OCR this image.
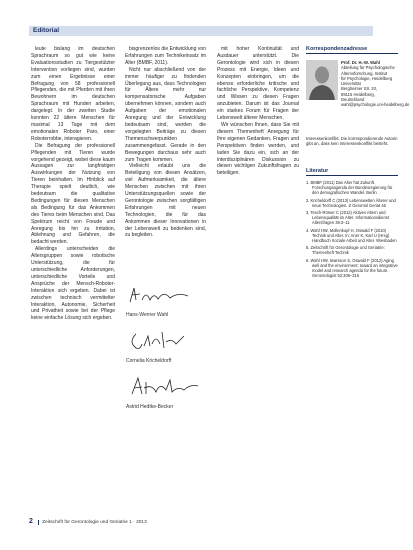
Editorial

leute bislang im deutschen Sprachraum so gut wie keine Evaluationsstudien zu Tiergestützter Intervention vorliegen sind, wurden zum einen Ergebnisse einer Befragung von 58 professionell Pflegenden, die mit Pferden mit ihren Bewohnern im deutschen Sprachraum mit Hunden arbeiten, dargelegt. In der zweiten Studie konnten 22 ältere Menschen für maximal 13 Tage mit dem emotionalen Roboter Paro, einer Roboterrobbe, interagieren.

Die Befragung der professionell Pflegenden mit Tieren wurde vorgehend gezeigt, wobei diese kaum Aussagen zur langfristigen Auswirkungen der Nutzung von Tieren beinhalten. Im Hinblick auf Therapie spielt deutlich, wie bedeutsam die qualitative Bedingungen für diesen Menschen als Bedingung für das Ankommen des Tieres beim Menschen sind. Das Spektrum reicht von Freude und Anregung bis hin zu Irritation, Ablehnung und Gefahren, die bedacht werden.

Allerdings unterscheiden die Altersgruppen sowie robotische Unterstützung, die für unterschiedliche Anforderungen, unterschiedliche Vorteile und Ansprüche der Mensch-Roboter-Interaktion sich ergeben. Dabei ist zwischen technisch vermittelter Interaktion, Autonomie, Sicherheit und Privatheit sowie bei der Pflege keine einfache Lösung sich ergeben.

bisgrenzenlos die Entwicklung von Erfahrungen zum Technikeinsatz im Alter (BMBF, 2011).

Nicht nur abschließend von der immer häufiger zu findenden Überlegung aus, dass Technologien für Ältere mehr nur kompensatorische Aufgaben übernehmen können, sondern auch Aufgaben der emotionalen Anregung und der Entwicklung bedeutsam sind, werden die vorgelegten Beiträge zu diesen Themenschwerpunkten zusammengefasst. Gerade in den Bewegungen durchaus sehr auch zum Tragen kommen.

Vielleicht erlaubt uns die Beteiligung von diesen Ansätzen, viel Aufmerksamkeit, die ältere Menschen zwischen mit ihren Unterstützungsquellen sowie der Gerontologie zwischen sorgfältigen Erfahrungen mit neuen Technologien, die für das Ankommen dieser Innovationen in der Lebenswelt zu bedenken sind, zu begleiten.

mit hoher Kontinuität und Ausdauer unterstützt. Die Gerontologie wird sich in diesen Prozess mit Energie, Ideen und Konzepten einbringen, um die ebenso erforderliche kritische und fachliche Perspektive, Kompetenz und Wissen zu diesen Fragen anzubieten. Darum ist das Journal ein starkes Forum für Fragen der Lebenswelt älterer Menschen.

Wir wünschen Ihnen, dass Sie mit diesem Themenheft Anregung für Ihre eigenen Gedanken, Fragen und Perspektiven finden werden, und laden Sie dazu ein, sich an der interdisziplinären Diskussion zu diesen wichtigen Zukunftsfragen zu beteiligen.

Hans-Werner Wahl
Cornelia Kricheldorff
Astrid Hedtke-Becker
Korrespondenzadresse
Prof. Dr. H.-W. Wahl
Abteilung für Psychologische
Alternsforschung, Institut
für Psychologie, Heidelberg
Universität
Bergheimer Str. 20,
69115 Heidelberg,
Deutschland
wahl@psychologie.uni-heidelberg.de
Interessenkonflikt. Die korrespondierende Autorin gibt an, dass kein Interessenkonflikt besteht.
Literatur
1. BMBF (2011) Das Alter hat Zukunft. Forschungsagenda der Bundesregierung für den demografischen Wandel. Berlin
2. Kricheldorff C (2013) Lebenswelten Älterer und neue Technologien. Z Gerontol Geriat 46
3. Tesch-Römer C (2012) Aktives Altern und Lebensqualität im Alter. Informationsdienst Altersfragen 39:3–11
4. Wahl HW, Mollenkopf H, Oswald F (2010) Technik und Alter. In: Aner K, Karl U (Hrsg) Handbuch Soziale Arbeit und Alter. Wiesbaden
5. Zeitschrift für Gerontologie und Geriatrie: Themenheft Technik
6. Wahl HW, Iwarsson S, Oswald F (2012) Aging well and the environment: toward an integrative model and research agenda for the future. Gerontologist 52:306–316
2 Zeitschrift für Gerontologie und Geriatrie 1 · 2013
